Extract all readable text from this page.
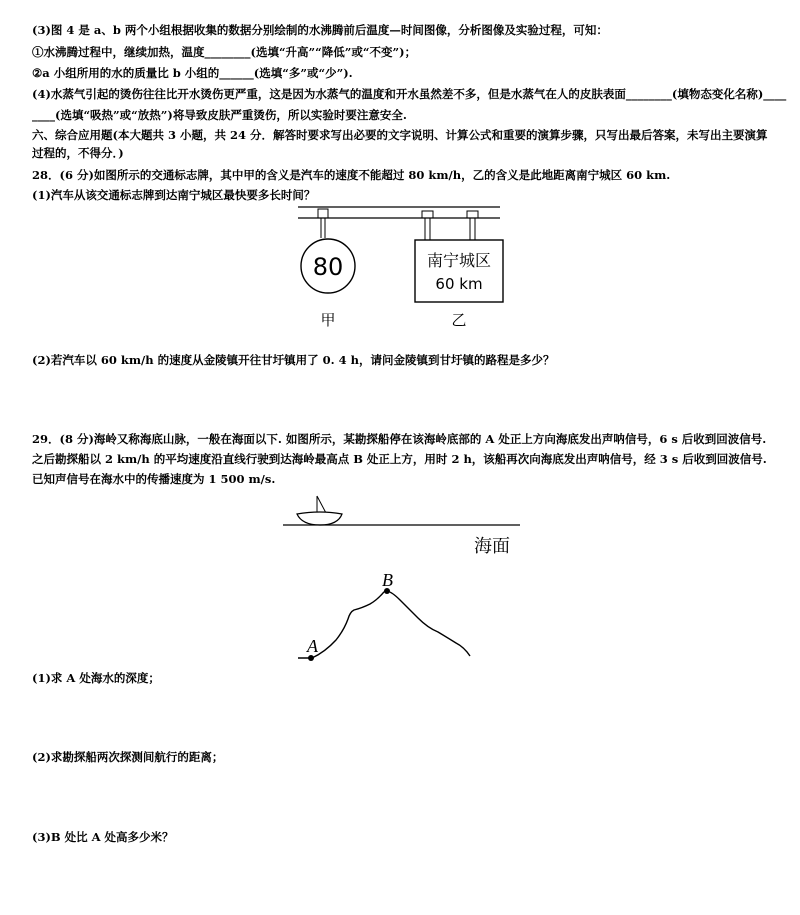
(3)图 4 是 a、b 两个小组根据收集的数据分别绘制的水沸腾前后温度—时间图像，分析图像及实验过程，可知：
①水沸腾过程中，继续加热，温度________(选填“升高”“降低”或“不变”)；
②a 小组所用的水的质量比 b 小组的______(选填“多”或“少”).
(4)水蒸气引起的烫伤往往比开水烫伤更严重，这是因为水蒸气的温度和开水虽然差不多，但是水蒸气在人的皮肤表面________(填物态变化名称)____
____(选填“吸热”或“放热”)将导致皮肤严重烫伤，所以实验时要注意安全.
六、综合应用题(本大题共 3 小题，共 24 分．解答时要求写出必要的文字说明、计算公式和重要的演算步骤，只写出最后答案，未写出主要演算过程的，不得分．)
28．(6 分)如图所示的交通标志牌，其中甲的含义是汽车的速度不能超过 80 km/h，乙的含义是此地距离南宁城区 60 km.
(1)汽车从该交通标志牌到达南宁城区最快要多长时间？
80	南宁城区
60 km
甲	乙
(2)若汽车以 60 km/h 的速度从金陵镇开往甘圩镇用了 0. 4 h，请问金陵镇到甘圩镇的路程是多少？
29．(8 分)海岭又称海底山脉，一般在海面以下. 如图所示，某勘探船停在该海岭底部的 A 处正上方向海底发出声呐信号，6 s 后收到回波信号. 之后勘探船以 2 km/h 的平均速度沿直线行驶到达海岭最高点 B 处正上方，用时 2 h，该船再次向海底发出声呐信号，经 3 s 后收到回波信号. 已知声信号在海水中的传播速度为 1 500 m/s.
海面
A
B
(1)求 A 处海水的深度；
(2)求勘探船两次探测间航行的距离；
(3)B 处比 A 处高多少米？
